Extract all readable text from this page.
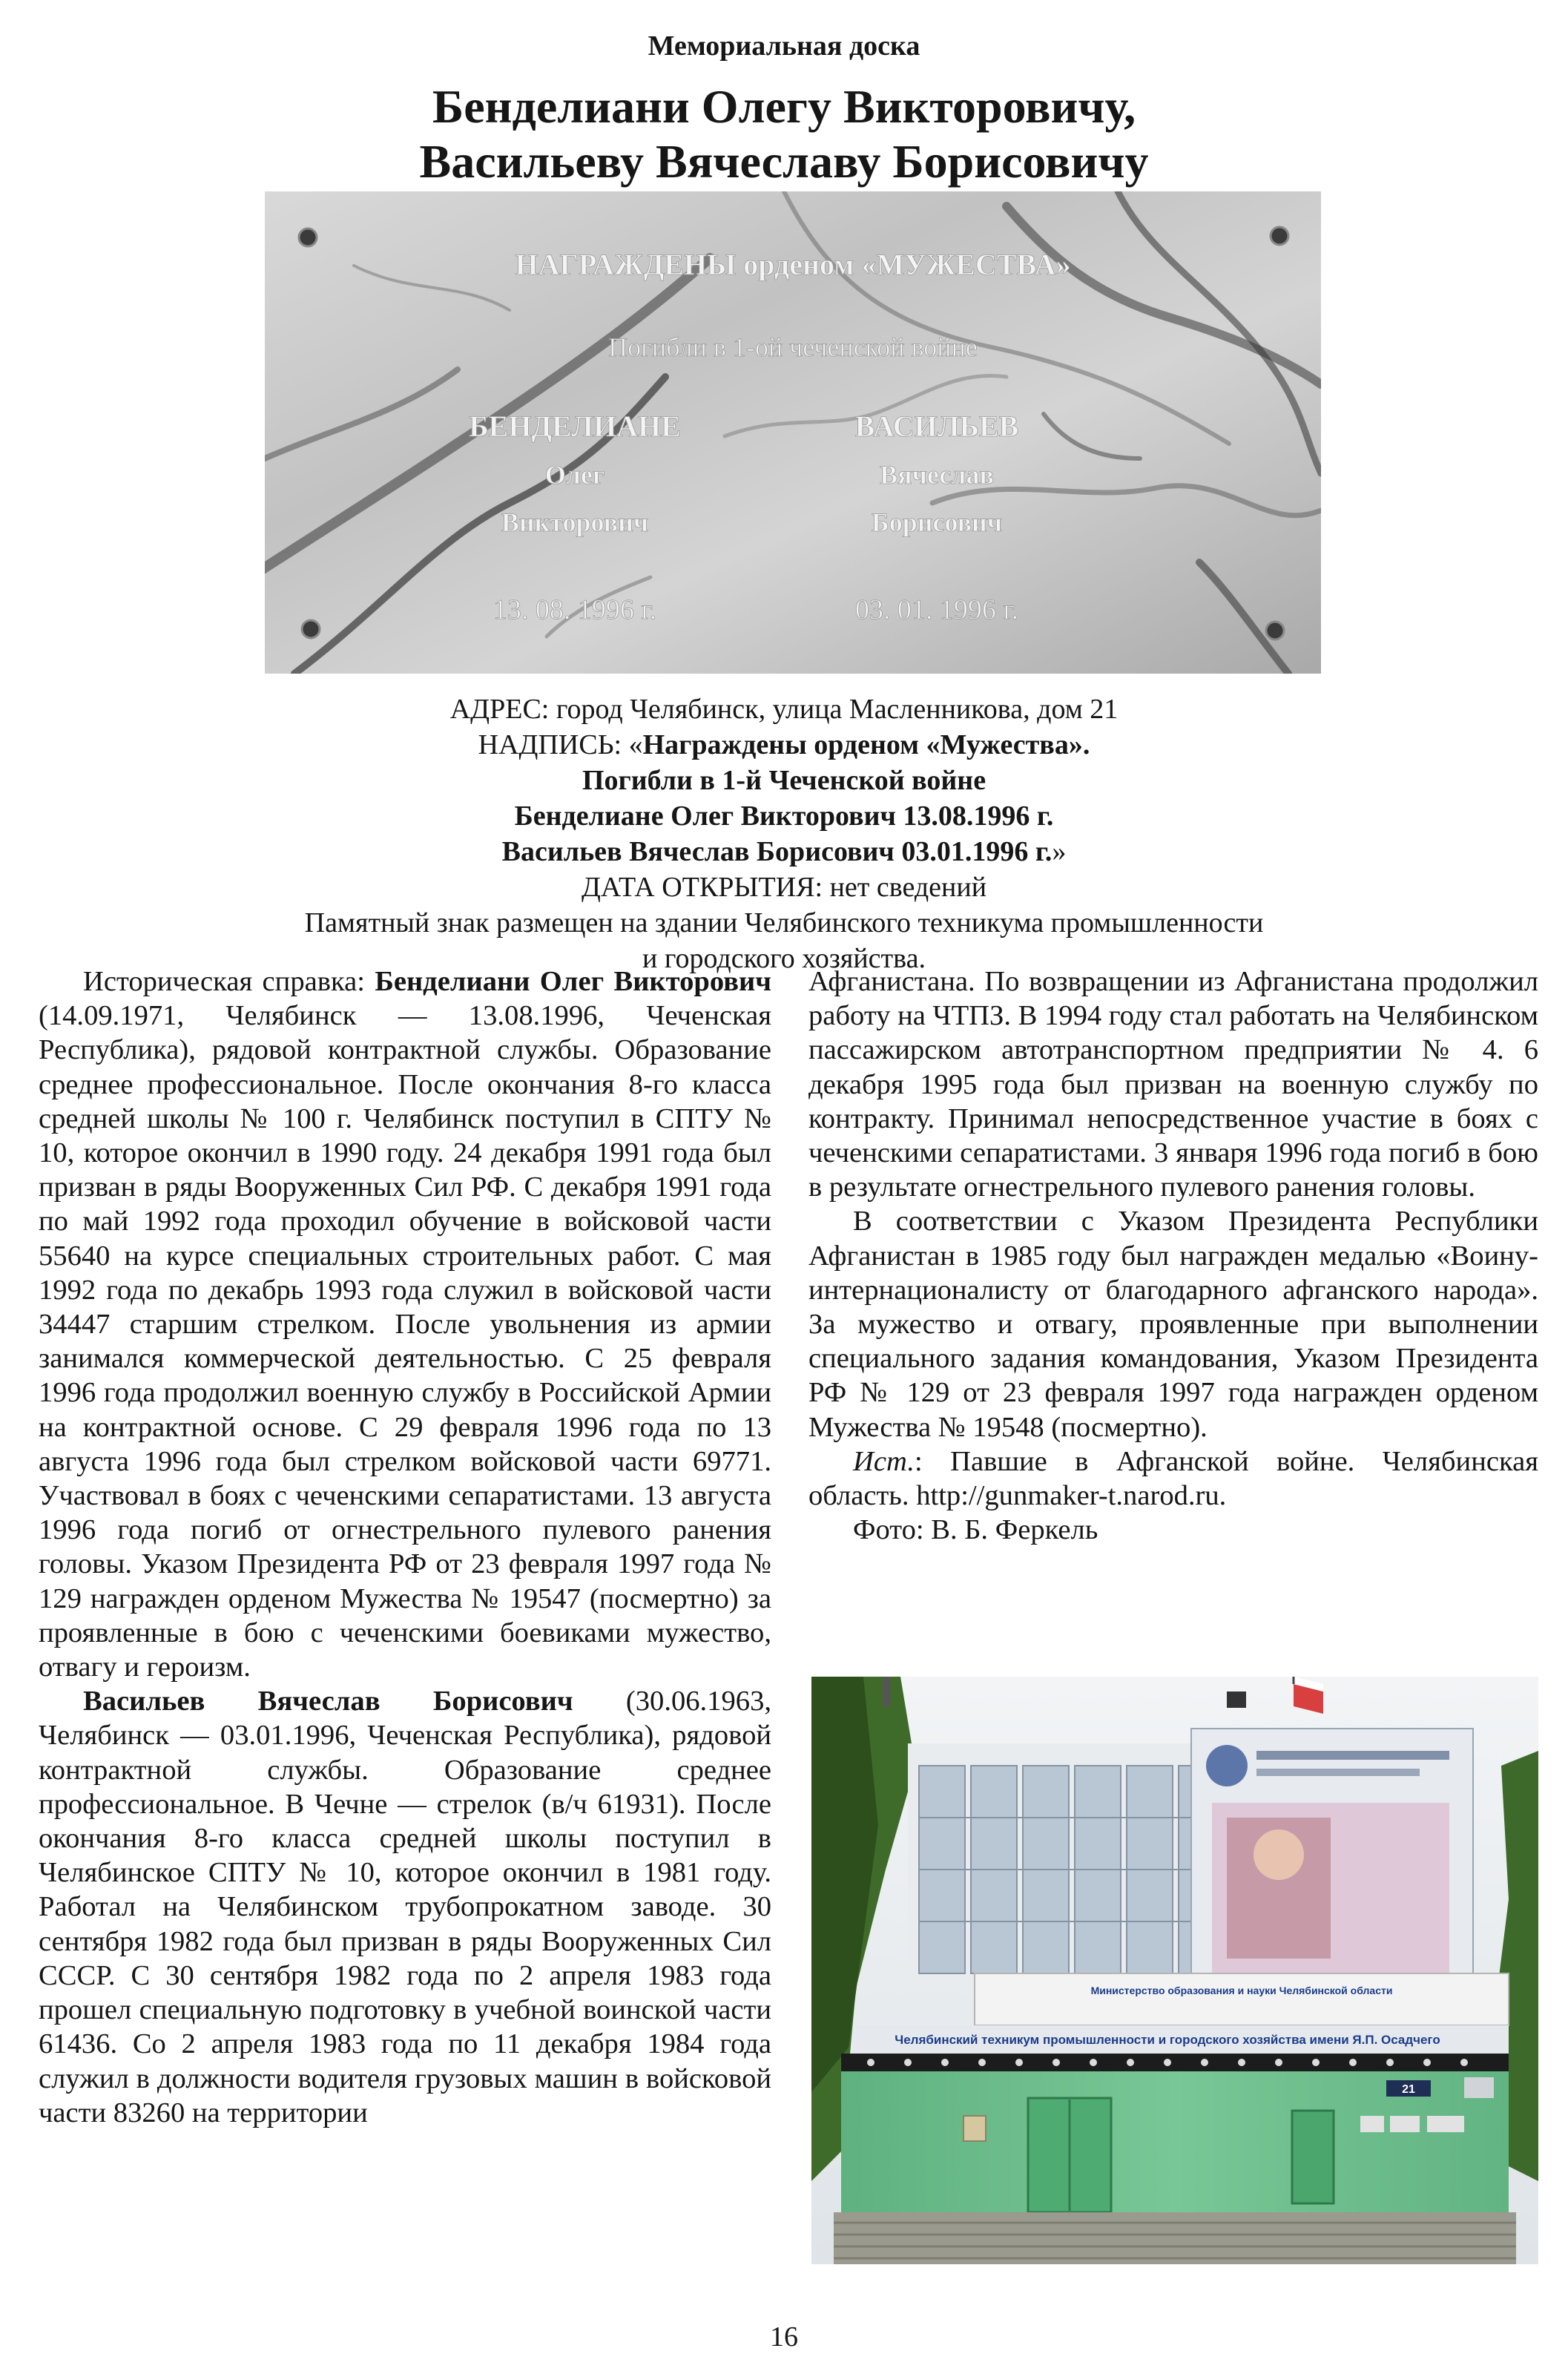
Мемориальная доска
Бенделиани Олегу Викторовичу,
Васильеву Вячеславу Борисовичу
НАГРАЖДЕНЫ орденом «МУЖЕСТВА»
Погибли в 1-ой чеченской войне
БЕНДЕЛИАНЕ
Олег
Викторович
13. 08. 1996 г.
ВАСИЛЬЕВ
Вячеслав
Борисович
03. 01. 1996 г.
АДРЕС: город Челябинск, улица Масленникова, дом 21
НАДПИСЬ: «Награждены орденом «Мужества».
Погибли в 1-й Чеченской войне
Бенделиане Олег Викторович 13.08.1996 г.
Васильев Вячеслав Борисович 03.01.1996 г.»
ДАТА ОТКРЫТИЯ: нет сведений
Памятный знак размещен на здании Челябинского техникума промышленности
и городского хозяйства.

Историческая справка: Бенделиани Олег Викторович (14.09.1971, Челябинск — 13.08.1996, Чеченская Республика), рядовой контрактной службы. Образование среднее профессиональное. После окончания 8-го класса средней школы № 100 г. Челябинск поступил в СПТУ № 10, которое окончил в 1990 году. 24 декабря 1991 года был призван в ряды Вооруженных Сил РФ. С декабря 1991 года по май 1992 года проходил обучение в войсковой части 55640 на курсе специальных строительных работ. С мая 1992 года по декабрь 1993 года служил в войсковой части 34447 старшим стрелком. После увольнения из армии занимался коммерческой деятельностью. С 25 февраля 1996 года продолжил военную службу в Российской Армии на контрактной основе. С 29 февраля 1996 года по 13 августа 1996 года был стрелком войсковой части 69771. Участвовал в боях с чеченскими сепаратистами. 13 августа 1996 года погиб от огнестрельного пулевого ранения головы. Указом Президента РФ от 23 февраля 1997 года № 129 награжден орденом Мужества № 19547 (посмертно) за проявленные в бою с чеченскими боевиками мужество, отвагу и героизм.

Васильев Вячеслав Борисович (30.06.1963, Челябинск — 03.01.1996, Чеченская Республика), рядовой контрактной службы. Образование среднее профессиональное. В Чечне — стрелок (в/ч 61931). После окончания 8-го класса средней школы поступил в Челябинское СПТУ № 10, которое окончил в 1981 году. Работал на Челябинском трубопрокатном заводе. 30 сентября 1982 года был призван в ряды Вооруженных Сил СССР. С 30 сентября 1982 года по 2 апреля 1983 года прошел специальную подготовку в учебной воинской части 61436. Со 2 апреля 1983 года по 11 декабря 1984 года служил в должности водителя грузовых машин в войсковой части 83260 на территории

Афганистана. По возвращении из Афганистана продолжил работу на ЧТПЗ. В 1994 году стал работать на Челябинском пассажирском автотранспортном предприятии № 4. 6 декабря 1995 года был призван на военную службу по контракту. Принимал непосредственное участие в боях с чеченскими сепаратистами. 3 января 1996 года погиб в бою в результате огнестрельного пулевого ранения головы.

В соответствии с Указом Президента Республики Афганистан в 1985 году был награжден медалью «Воину-интернационалисту от благодарного афганского народа». За мужество и отвагу, проявленные при выполнении специального задания командования, Указом Президента РФ № 129 от 23 февраля 1997 года награжден орденом Мужества № 19548 (посмертно).

Ист.: Павшие в Афганской войне. Челябинская область. http://gunmaker-t.narod.ru.

Фото: В. Б. Феркель

Министерство образования и науки Челябинской области
Челябинский техникум промышленности и городского хозяйства имени Я.П. Осадчего
21
16
